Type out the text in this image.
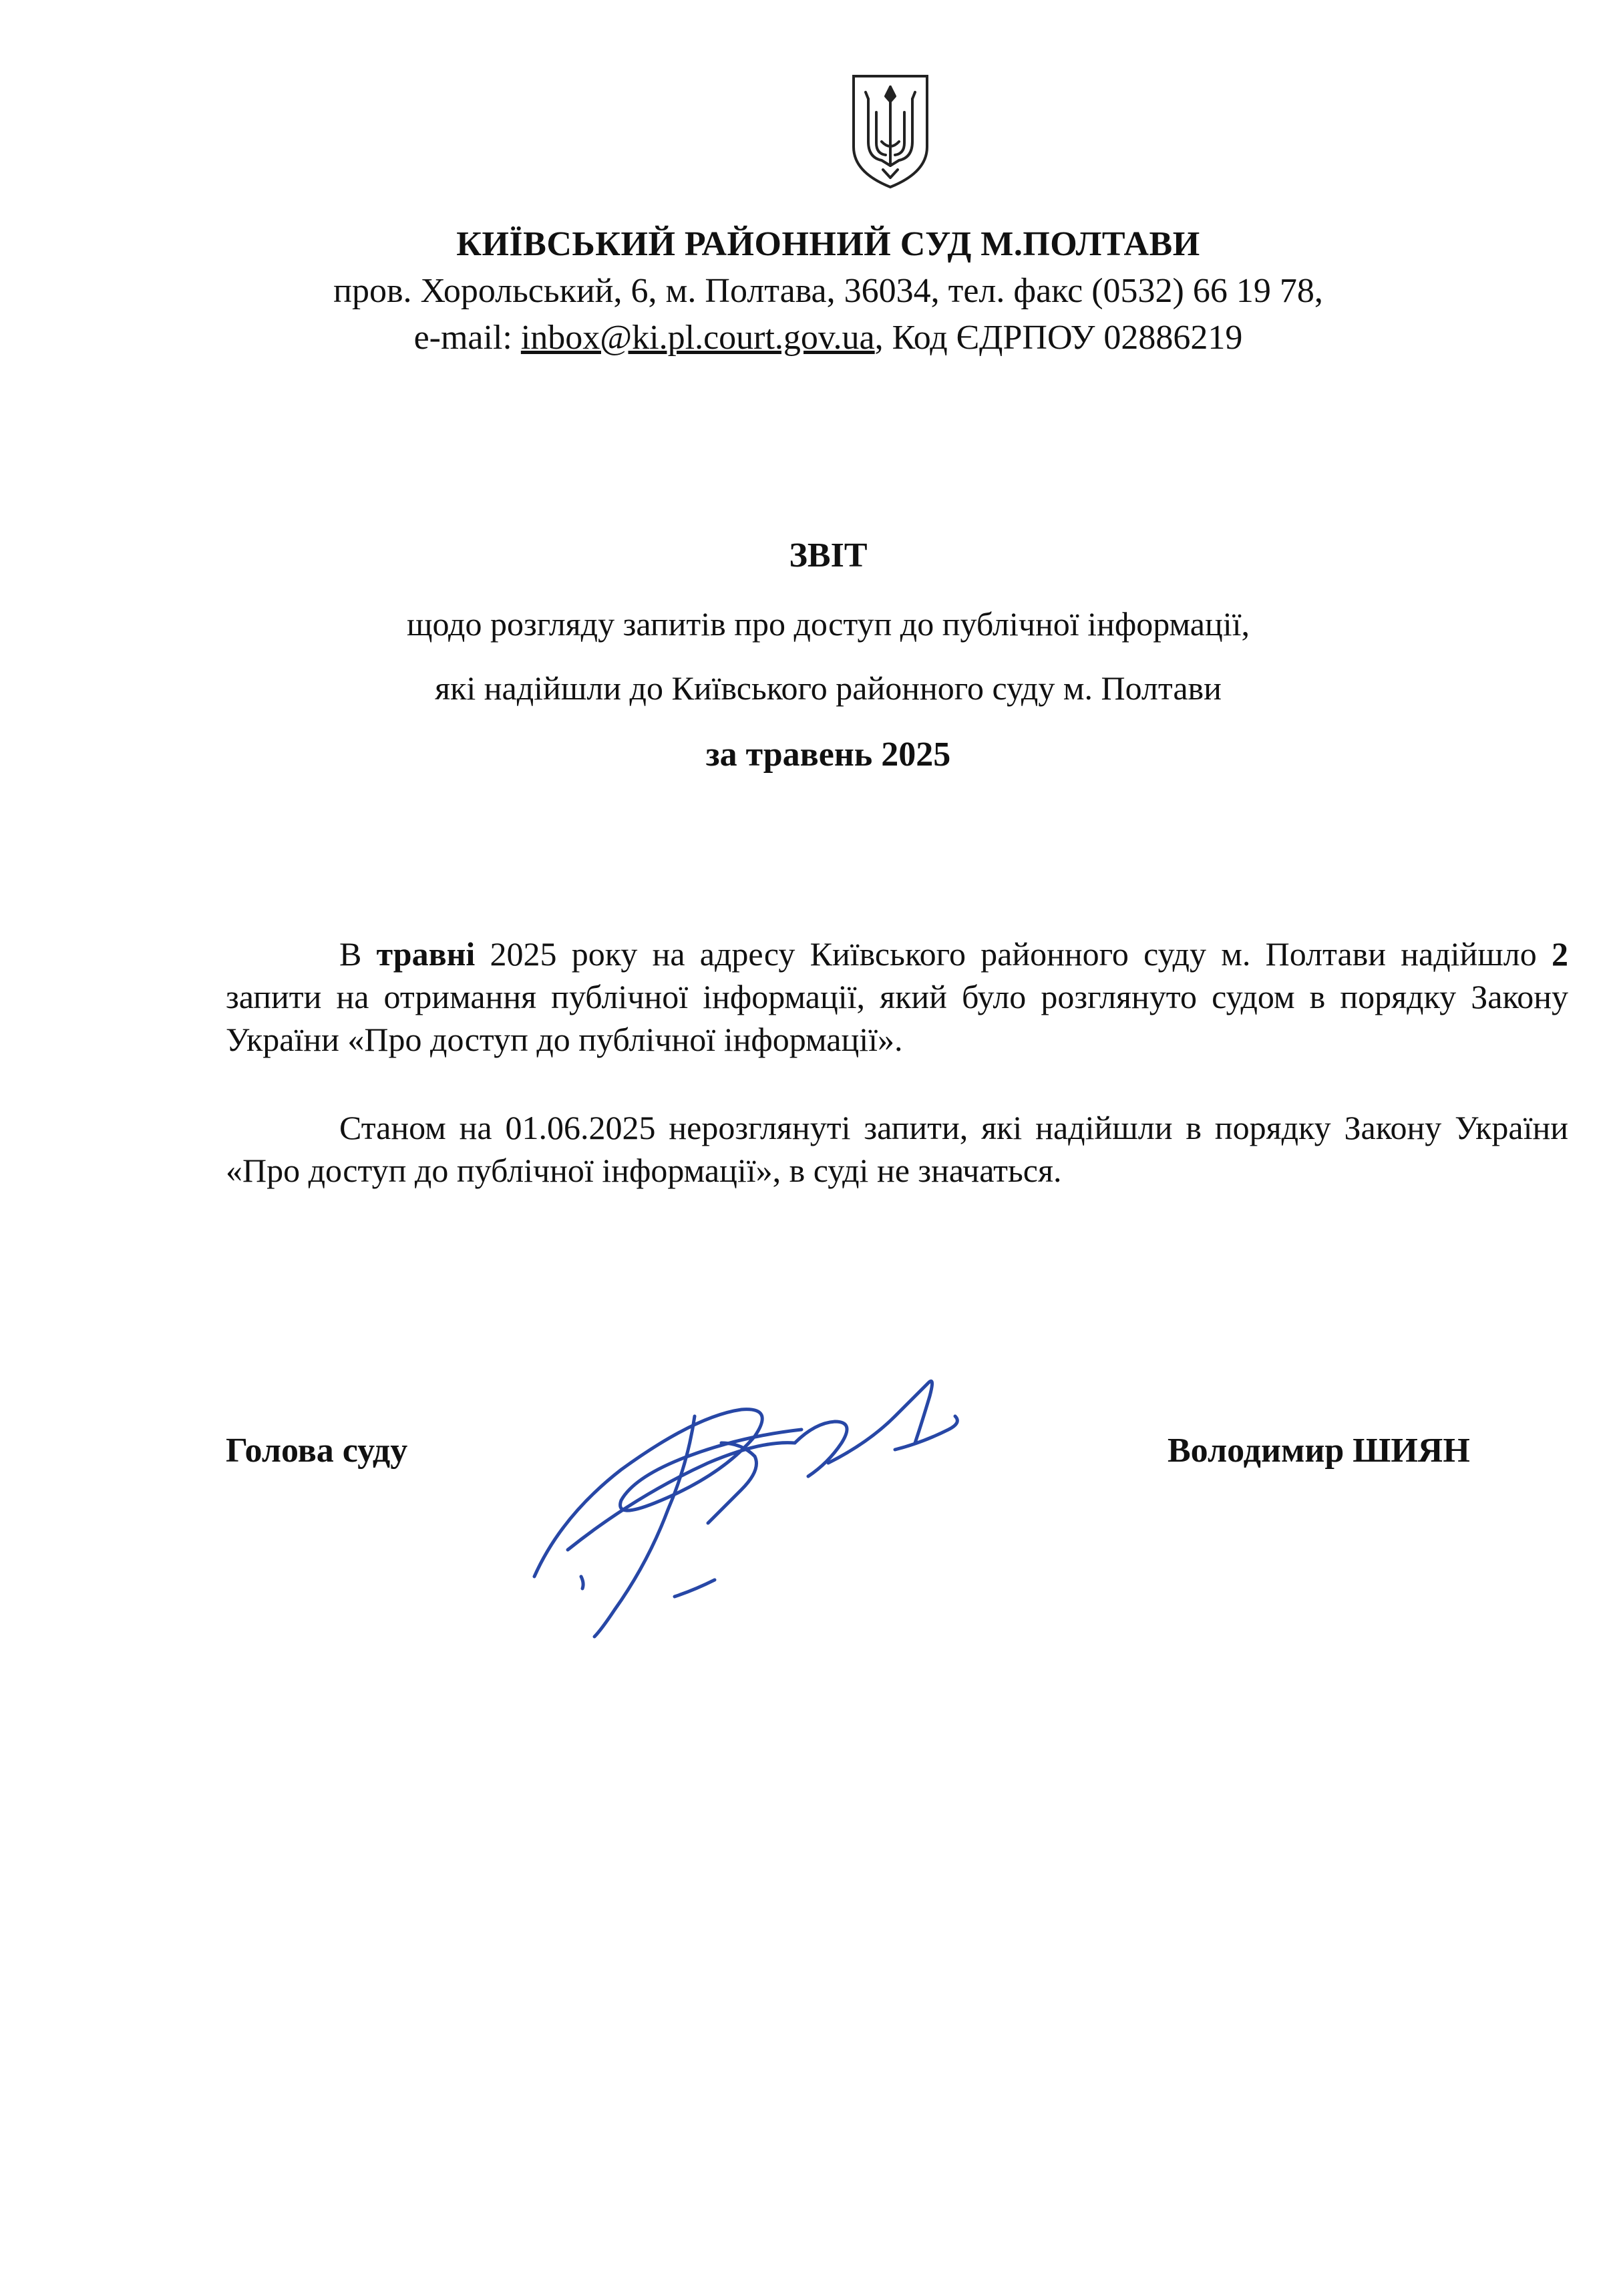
КИЇВСЬКИЙ РАЙОННИЙ СУД М.ПОЛТАВИ
пров. Хорольський, 6, м. Полтава, 36034, тел. факс (0532) 66 19 78,
e-mail: inbox@ki.pl.court.gov.ua, Код ЄДРПОУ 02886219
ЗВІТ
щодо розгляду запитів про доступ до публічної інформації,
які надійшли до Київського районного суду м. Полтави
за травень 2025

В травні 2025 року на адресу Київського районного суду м. Полтави надійшло 2 запити на отримання публічної інформації, який було розглянуто судом в порядку Закону України «Про доступ до публічної інформації».

Станом на 01.06.2025 нерозглянуті запити, які надійшли в порядку Закону України «Про доступ до публічної інформації», в суді не значаться.

Голова суду	Володимир ШИЯН
